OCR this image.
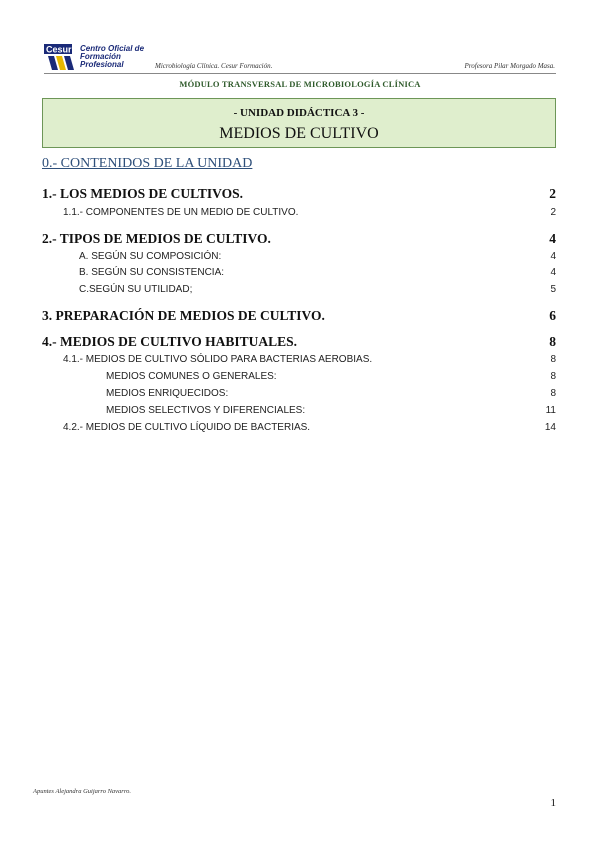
Cesur Centro Oficial de
Formación Profesional	Microbiología Clínica. Cesur Formación.	Profesora Pilar Morgado Masa.
MÓDULO TRANSVERSAL DE MICROBIOLOGÍA CLÍNICA
- UNIDAD DIDÁCTICA 3 -
MEDIOS DE CULTIVO
0.- CONTENIDOS DE LA UNIDAD
1.- LOS MEDIOS DE CULTIVOS.	2
1.1.- COMPONENTES DE UN MEDIO DE CULTIVO.	2
2.- TIPOS DE MEDIOS DE CULTIVO.	4
A. SEGÚN SU COMPOSICIÓN:	4
B. SEGÚN SU CONSISTENCIA:	4
C.SEGÚN SU UTILIDAD;	5
3. PREPARACIÓN DE MEDIOS DE CULTIVO.	6
4.- MEDIOS DE CULTIVO HABITUALES.	8
4.1.- MEDIOS DE CULTIVO SÓLIDO PARA BACTERIAS AEROBIAS.	8
MEDIOS COMUNES O GENERALES:	8
MEDIOS ENRIQUECIDOS:	8
MEDIOS SELECTIVOS Y DIFERENCIALES:	11
4.2.- MEDIOS DE CULTIVO LÍQUIDO DE BACTERIAS.	14
Apuntes Alejandra Guijarro Navarro.
1
